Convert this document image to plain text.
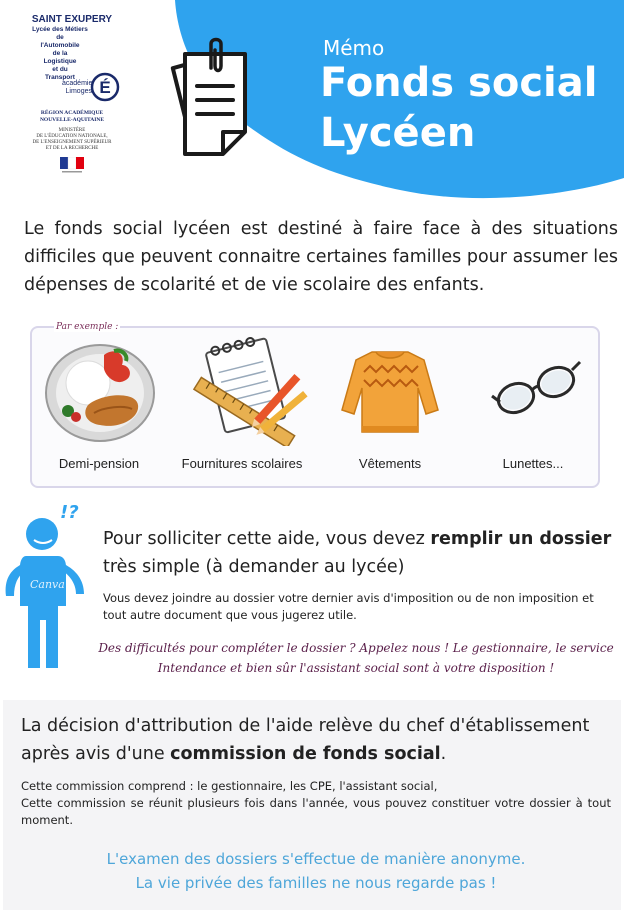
SAINT EXUPERY
Lycée des Métiers de
l'Automobile
de la
Logistique
et du
Transport
académie
Limoges É
RÉGION ACADÉMIQUE
NOUVELLE-AQUITAINE
MINISTÈRE
DE L'ÉDUCATION NATIONALE,
DE L'ENSEIGNEMENT SUPÉRIEUR
ET DE LA RECHERCHE
Mémo
Fonds social
Lycéen
Le fonds social lycéen est destiné à faire face à des situations difficiles que peuvent connaitre certaines familles pour assumer les dépenses de scolarité et de vie scolaire des enfants.
Par exemple :
Demi-pension	Fournitures scolaires	Vêtements	Lunettes...
!?
Canva
Pour solliciter cette aide, vous devez remplir un dossier très simple (à demander au lycée)
Vous devez joindre au dossier votre dernier avis d'imposition ou de non imposition et tout autre document que vous jugerez utile.
Des difficultés pour compléter le dossier ? Appelez nous ! Le gestionnaire, le service Intendance et bien sûr l'assistant social sont à votre disposition !
La décision d'attribution de l'aide relève du chef d'établissement après avis d'une commission de fonds social.
Cette commission comprend : le gestionnaire, les CPE, l'assistant social,
Cette commission se réunit plusieurs fois dans l'année, vous pouvez constituer votre dossier à tout moment.
L'examen des dossiers s'effectue de manière anonyme.
La vie privée des familles ne nous regarde pas !
